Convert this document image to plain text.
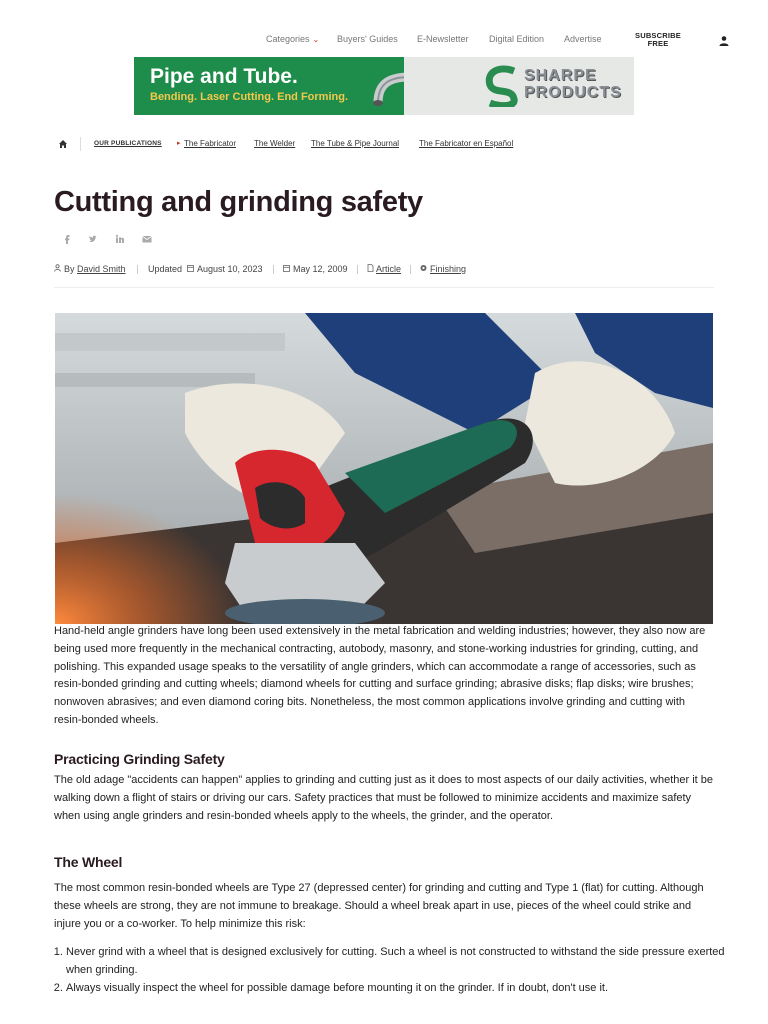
Categories ⌄ Buyers' Guides E-Newsletter Digital Edition Advertise	SUBSCRIBE
FREE
Pipe and Tube.
Bending. Laser Cutting. End Forming.
SHARPE
PRODUCTS
OUR PUBLICATIONS ▸ The Fabricator The Welder The Tube & Pipe Journal The Fabricator en Español
Cutting and grinding safety
By David Smith Updated August 10, 2023	May 12, 2009	Article	Finishing

Hand-held angle grinders have long been used extensively in the metal fabrication and welding industries; however, they also now are being used more frequently in the mechanical contracting, autobody, masonry, and stone-working industries for grinding, cutting, and polishing. This expanded usage speaks to the versatility of angle grinders, which can accommodate a range of accessories, such as resin-bonded grinding and cutting wheels; diamond wheels for cutting and surface grinding; abrasive disks; flap disks; wire brushes; nonwoven abrasives; and even diamond coring bits. Nonetheless, the most common applications involve grinding and cutting with resin-bonded wheels.

Practicing Grinding Safety

The old adage "accidents can happen" applies to grinding and cutting just as it does to most aspects of our daily activities, whether it be walking down a flight of stairs or driving our cars. Safety practices that must be followed to minimize accidents and maximize safety when using angle grinders and resin-bonded wheels apply to the wheels, the grinder, and the operator.

The Wheel

The most common resin-bonded wheels are Type 27 (depressed center) for grinding and cutting and Type 1 (flat) for cutting. Although these wheels are strong, they are not immune to breakage. Should a wheel break apart in use, pieces of the wheel could strike and injure you or a co-worker. To help minimize this risk:

1. Never grind with a wheel that is designed exclusively for cutting. Such a wheel is not constructed to withstand the side pressure exerted when grinding.
2. Always visually inspect the wheel for possible damage before mounting it on the grinder. If in doubt, don't use it.
